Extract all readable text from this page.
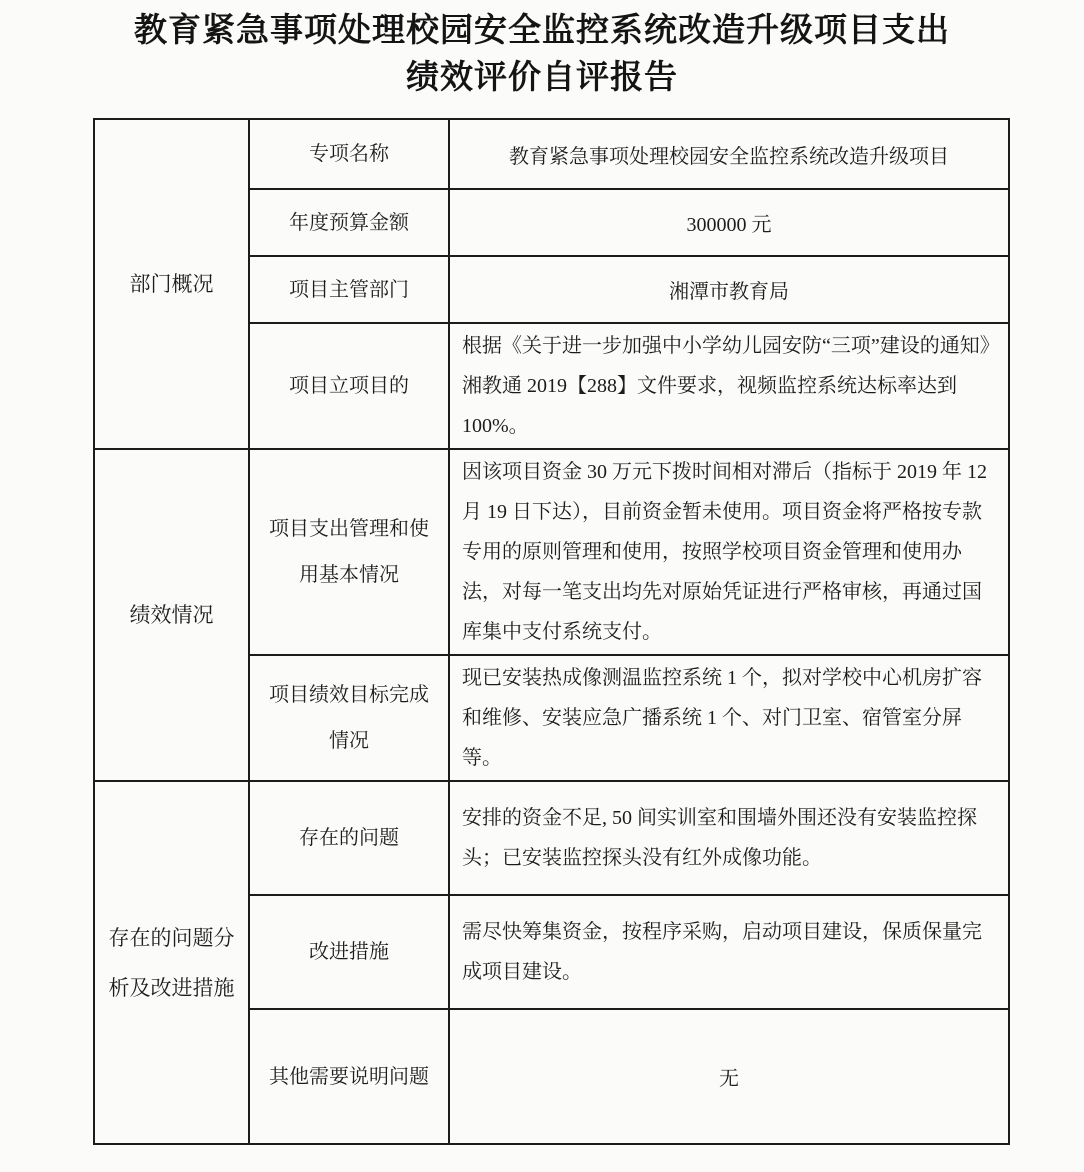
教育紧急事项处理校园安全监控系统改造升级项目支出
绩效评价自评报告
部门概况	专项名称	教育紧急事项处理校园安全监控系统改造升级项目
	年度预算金额	300000 元
	项目主管部门	湘潭市教育局
	项目立项目的	根据《关于进一步加强中小学幼儿园安防“三项”建设的通知》湘教通 2019【288】文件要求，视频监控系统达标率达到 100%。
绩效情况	项目支出管理和使用基本情况	因该项目资金 30 万元下拨时间相对滞后（指标于 2019 年 12 月 19 日下达），目前资金暂未使用。项目资金将严格按专款专用的原则管理和使用，按照学校项目资金管理和使用办法，对每一笔支出均先对原始凭证进行严格审核，再通过国库集中支付系统支付。
	项目绩效目标完成情况	现已安装热成像测温监控系统 1 个，拟对学校中心机房扩容和维修、安装应急广播系统 1 个、对门卫室、宿管室分屏等。
存在的问题分析及改进措施	存在的问题	安排的资金不足, 50 间实训室和围墙外围还没有安装监控探头；已安装监控探头没有红外成像功能。
	改进措施	需尽快筹集资金，按程序采购，启动项目建设，保质保量完成项目建设。
	其他需要说明问题	无
